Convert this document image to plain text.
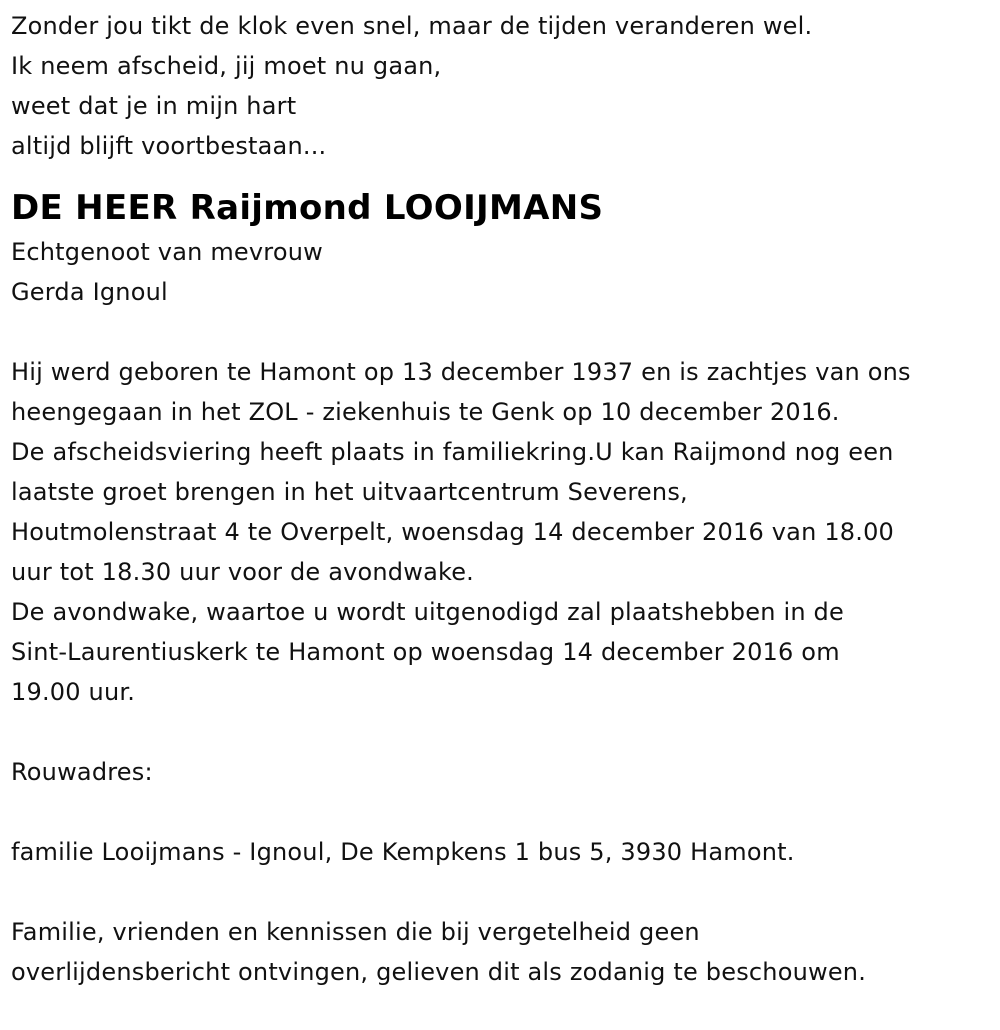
Zonder jou tikt de klok even snel, maar de tijden veranderen wel.
Ik neem afscheid, jij moet nu gaan,
weet dat je in mijn hart
altijd blijft voortbestaan...
DE HEER Raijmond LOOIJMANS
Echtgenoot van mevrouw
Gerda Ignoul
Hij werd geboren te Hamont op 13 december 1937 en is zachtjes van ons
heengegaan in het ZOL - ziekenhuis te Genk op 10 december 2016.
De afscheidsviering heeft plaats in familiekring.U kan Raijmond nog een
laatste groet brengen in het uitvaartcentrum Severens,
Houtmolenstraat 4 te Overpelt, woensdag 14 december 2016 van 18.00
uur tot 18.30 uur voor de avondwake.
De avondwake, waartoe u wordt uitgenodigd zal plaatshebben in de
Sint-Laurentiuskerk te Hamont op woensdag 14 december 2016 om
19.00 uur.
Rouwadres:
familie Looijmans - Ignoul, De Kempkens 1 bus 5, 3930 Hamont.
Familie, vrienden en kennissen die bij vergetelheid geen
overlijdensbericht ontvingen, gelieven dit als zodanig te beschouwen.
